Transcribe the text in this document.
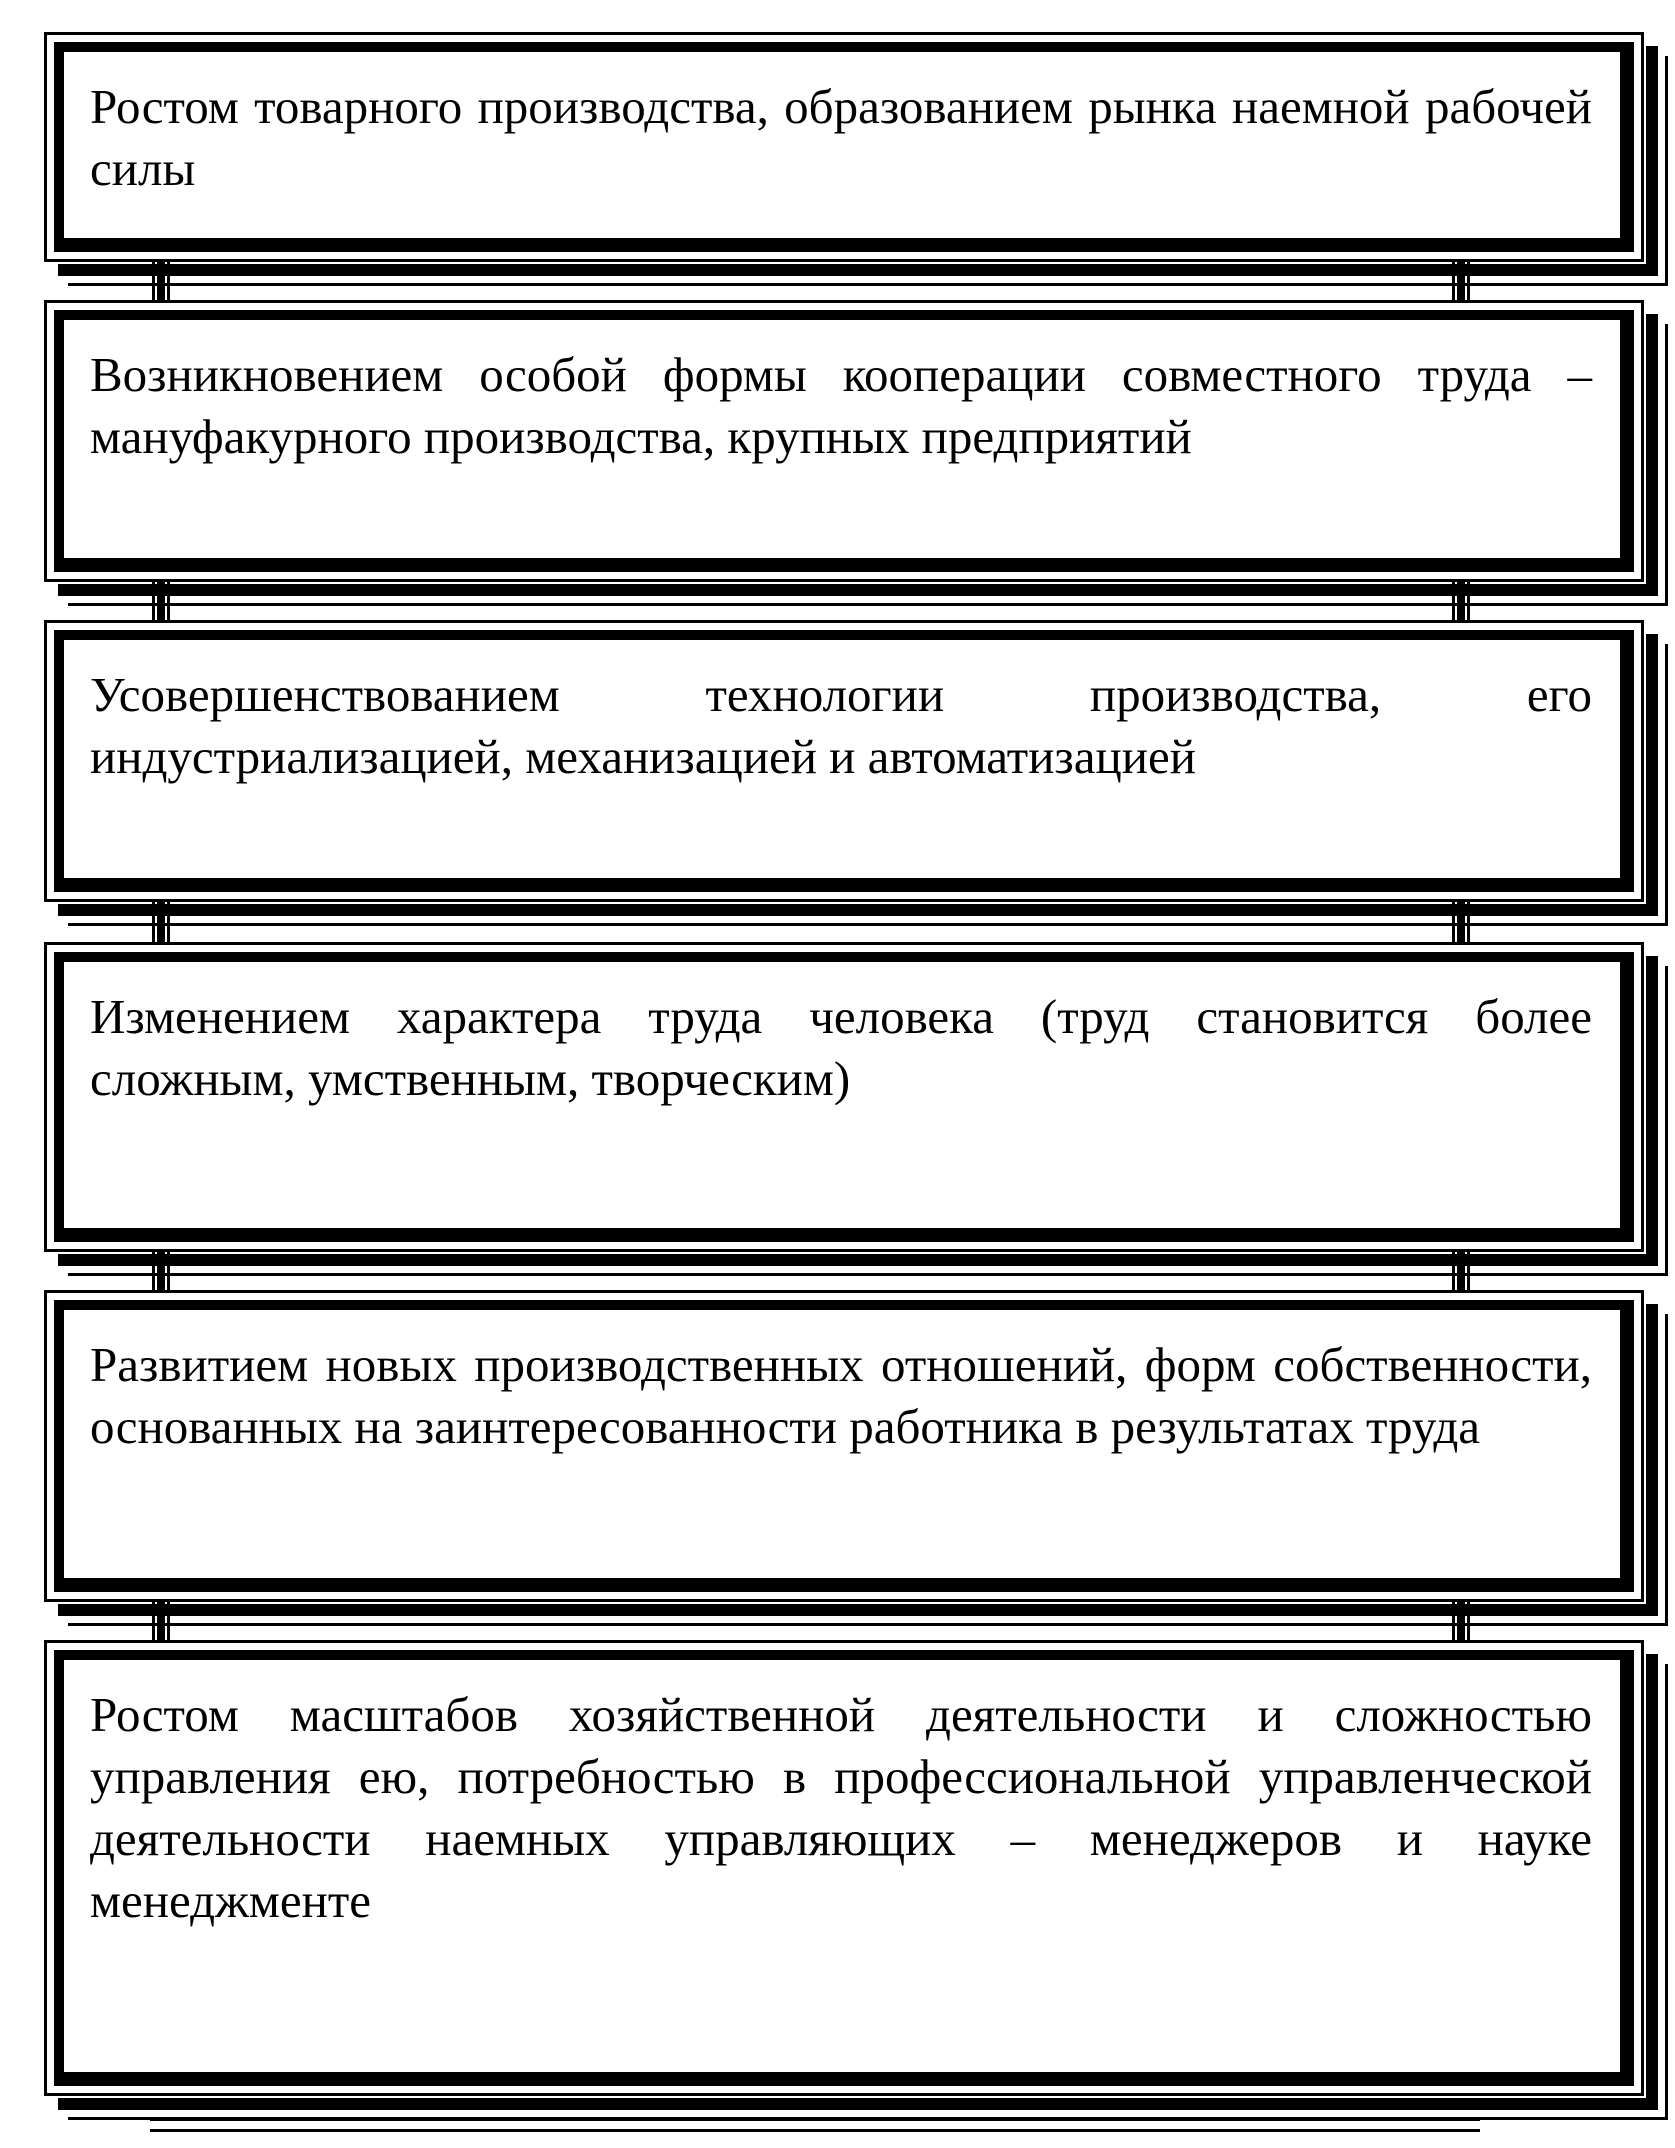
Ростом товарного производства, образованием рынка наемной рабочей силы

Возникновением особой формы кооперации совместного труда – мануфакурного производства, крупных предприятий

Усовершенствованием технологии производства, его индустриализацией, механизацией и автоматизацией

Изменением характера труда человека (труд становится более сложным, умственным, творческим)

Развитием новых производственных отношений, форм собственности, основанных на заинтересованности работника в результатах труда

Ростом масштабов хозяйственной деятельности и сложностью управления ею, потребностью в профессиональной управленческой деятельности наемных управляющих – менеджеров и науке менеджменте
